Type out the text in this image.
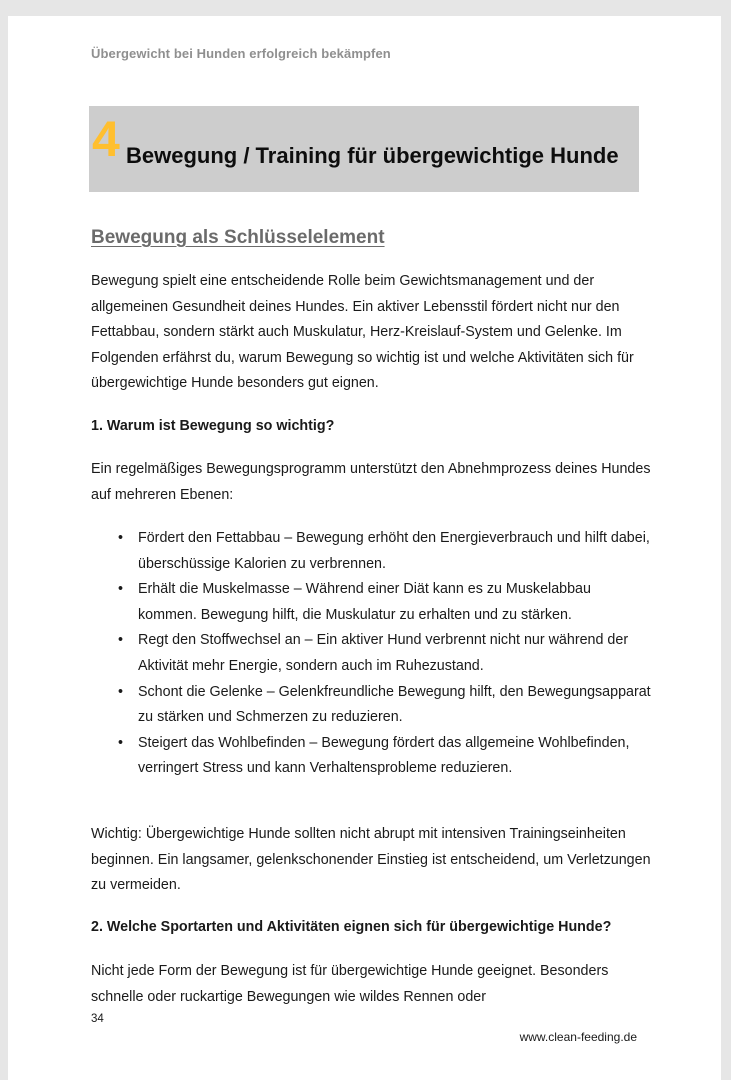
Übergewicht bei Hunden erfolgreich bekämpfen
4 Bewegung / Training für übergewichtige Hunde
Bewegung als Schlüsselelement

Bewegung spielt eine entscheidende Rolle beim Gewichtsmanagement und der allgemeinen Gesundheit deines Hundes. Ein aktiver Lebensstil fördert nicht nur den Fettabbau, sondern stärkt auch Muskulatur, Herz-Kreislauf-System und Gelenke. Im Folgenden erfährst du, warum Bewegung so wichtig ist und welche Aktivitäten sich für übergewichtige Hunde besonders gut eignen.

1. Warum ist Bewegung so wichtig?

Ein regelmäßiges Bewegungsprogramm unterstützt den Abnehmprozess deines Hundes auf mehreren Ebenen:

• Fördert den Fettabbau – Bewegung erhöht den Energieverbrauch und hilft dabei, überschüssige Kalorien zu verbrennen.
• Erhält die Muskelmasse – Während einer Diät kann es zu Muskelabbau kommen. Bewegung hilft, die Muskulatur zu erhalten und zu stärken.
• Regt den Stoffwechsel an – Ein aktiver Hund verbrennt nicht nur während der Aktivität mehr Energie, sondern auch im Ruhezustand.
• Schont die Gelenke – Gelenkfreundliche Bewegung hilft, den Bewegungsapparat zu stärken und Schmerzen zu reduzieren.
• Steigert das Wohlbefinden – Bewegung fördert das allgemeine Wohlbefinden, verringert Stress und kann Verhaltensprobleme reduzieren.

Wichtig: Übergewichtige Hunde sollten nicht abrupt mit intensiven Trainingseinheiten beginnen. Ein langsamer, gelenkschonender Einstieg ist entscheidend, um Verletzungen zu vermeiden.

2. Welche Sportarten und Aktivitäten eignen sich für übergewichtige Hunde?

Nicht jede Form der Bewegung ist für übergewichtige Hunde geeignet. Besonders schnelle oder ruckartige Bewegungen wie wildes Rennen oder

34
www.clean-feeding.de
